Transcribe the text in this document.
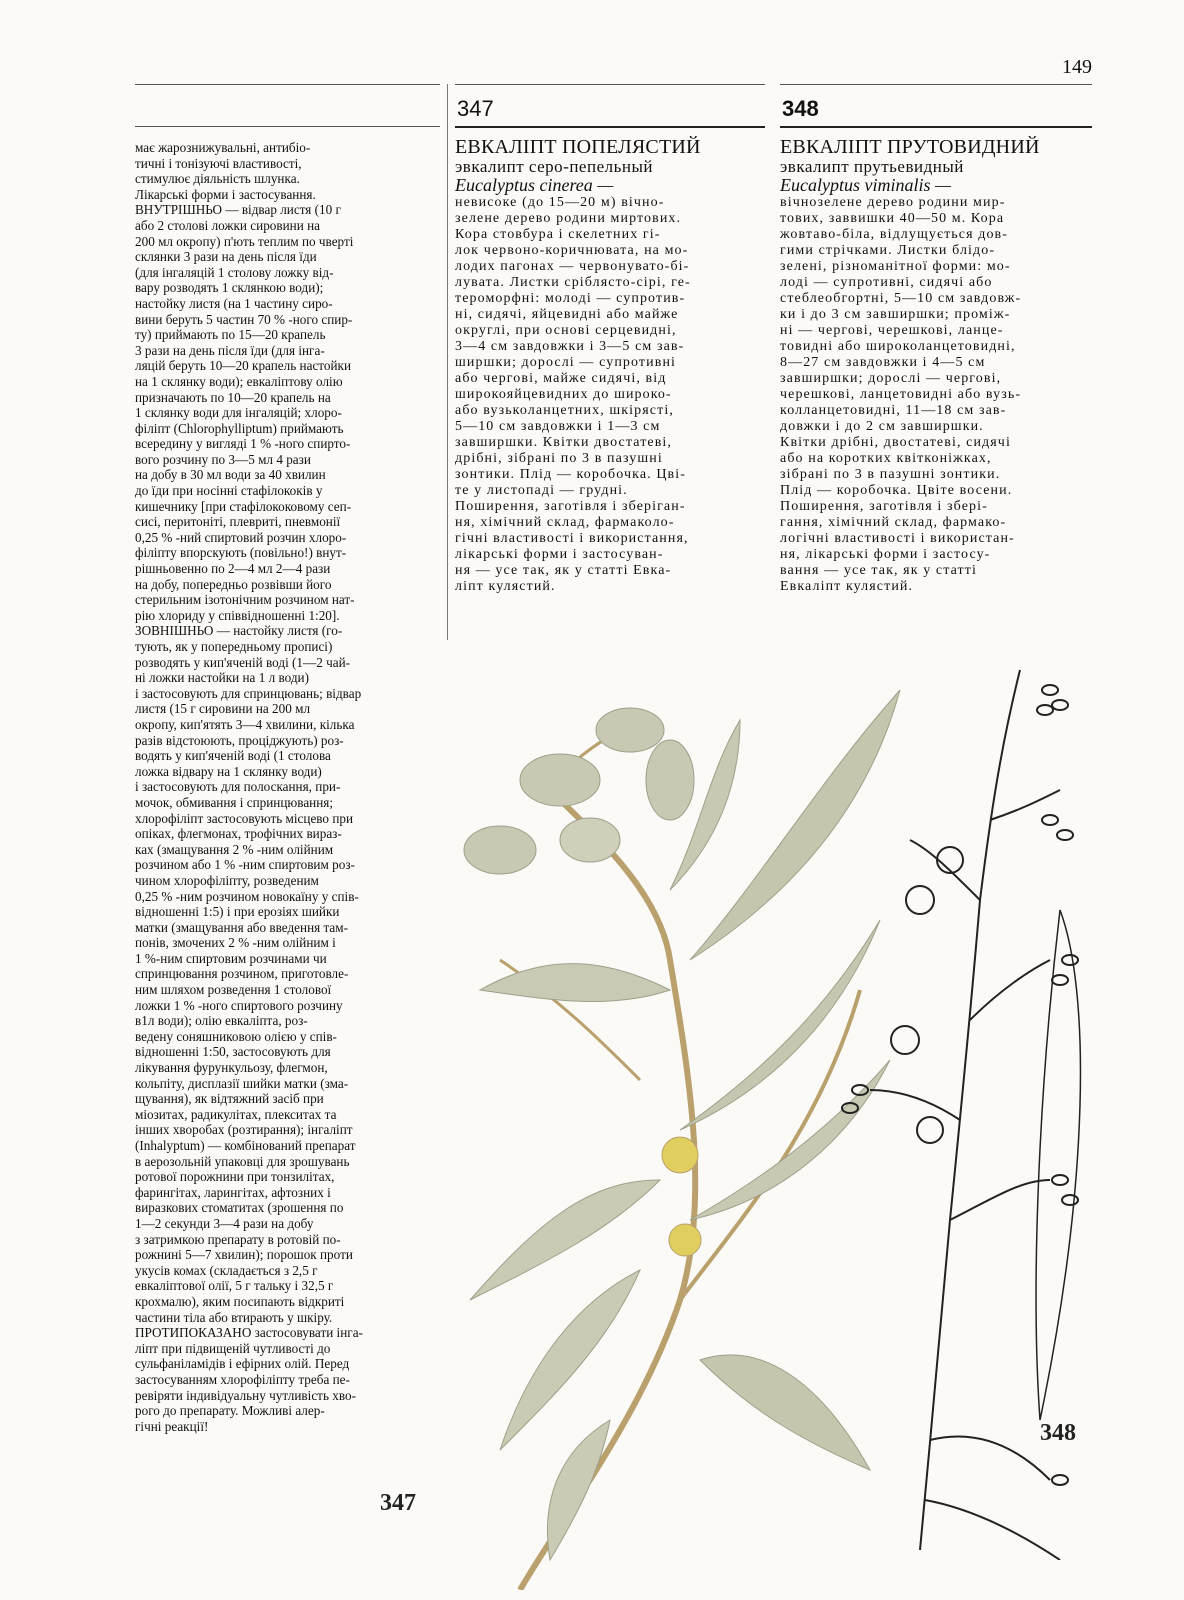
149
347	348

має жарознижувальні, антибіо-

тичні і тонізуючі властивості,

стимулює діяльність шлунка.

Лікарські форми і застосування.

ВНУТРІШНЬО — відвар листя (10 г

або 2 столові ложки сировини на

200 мл окропу) п'ють теплим по чверті

склянки 3 рази на день після їди

(для інгаляцій 1 столову ложку від-

вару розводять 1 склянкою води);

настойку листя (на 1 частину сиро-

вини беруть 5 частин 70 % -ного спир-

ту) приймають по 15—20 крапель

3 рази на день після їди (для інга-

ляцій беруть 10—20 крапель настойки

на 1 склянку води); евкаліптову олію

призначають по 10—20 крапель на

1 склянку води для інгаляцій; хлоро-

філіпт (Chlorophylliptum) приймають

всередину у вигляді 1 % -ного спирто-

вого розчину по 3—5 мл 4 рази

на добу в 30 мл води за 40 хвилин

до їди при носінні стафілококів у

кишечнику [при стафілококовому сеп-

сисі, перитоніті, плевриті, пневмонії

0,25 % -ний спиртовий розчин хлоро-

філіпту впорскують (повільно!) внут-

рішньовенно по 2—4 мл 2—4 рази

на добу, попередньо розвівши його

стерильним ізотонічним розчином нат-

рію хлориду у співвідношенні 1:20].

ЗОВНІШНЬО — настойку листя (го-

тують, як у попередньому прописі)

розводять у кип'яченій воді (1—2 чай-

ні ложки настойки на 1 л води)

і застосовують для спринцювань; відвар

листя (15 г сировини на 200 мл

окропу, кип'ятять 3—4 хвилини, кілька

разів відстоюють, проціджують) роз-

водять у кип'яченій воді (1 столова

ложка відвару на 1 склянку води)

і застосовують для полоскання, при-

мочок, обмивання і спринцювання;

хлорофіліпт застосовують місцево при

опіках, флегмонах, трофічних вираз-

ках (змащування 2 % -ним олійним

розчином або 1 % -ним спиртовим роз-

чином хлорофіліпту, розведеним

0,25 % -ним розчином новокаїну у спів-

відношенні 1:5) і при ерозіях шийки

матки (змащування або введення там-

понів, змочених 2 % -ним олійним і

1 %-ним спиртовим розчинами чи

спринцювання розчином, приготовле-

ним шляхом розведення 1 столової

ложки 1 % -ного спиртового розчину

в1л води); олію евкаліпта, роз-

ведену соняшниковою олією у спів-

відношенні 1:50, застосовують для

лікування фурункульозу, флегмон,

кольпіту, дисплазії шийки матки (зма-

щування), як відтяжний засіб при

міозитах, радикулітах, плекситах та

інших хворобах (розтирання); інгаліпт

(Inhalyptum) — комбінований препарат

в аерозольній упаковці для зрошувань

ротової порожнини при тонзилітах,

фарингітах, ларингітах, афтозних і

виразкових стоматитах (зрошення по

1—2 секунди 3—4 рази на добу

з затримкою препарату в ротовій по-

рожнині 5—7 хвилин); порошок проти

укусів комах (складається з 2,5 г

евкаліптової олії, 5 г тальку і 32,5 г

крохмалю), яким посипають відкриті

частини тіла або втирають у шкіру.

ПРОТИПОКАЗАНО застосовувати інга-

ліпт при підвищеній чутливості до

сульфаніламідів і ефірних олій. Перед

застосуванням хлорофіліпту треба пе-

ревіряти індивідуальну чутливість хво-

рого до препарату. Можливі алер-

гічні реакції!

ЕВКАЛІПТ ПОПЕЛЯСТИЙ
эвкалипт серо-пепельный
Eucalyptus cinerea —

невисоке (до 15—20 м) вічно-

зелене дерево родини миртових.

Кора стовбура і скелетних гі-

лок червоно-коричнювата, на мо-

лодих пагонах — червонувато-бі-

лувата. Листки сріблясто-сірі, ге-

тероморфні: молоді — супротив-

ні, сидячі, яйцевидні або майже

округлі, при основі серцевидні,

3—4 см завдовжки і 3—5 см зав-

ширшки; дорослі — супротивні

або чергові, майже сидячі, від

широкояйцевидних до широко-

або вузьколанцетних, шкірясті,

5—10 см завдовжки і 1—3 см

завширшки. Квітки двостатеві,

дрібні, зібрані по 3 в пазушні

зонтики. Плід — коробочка. Цві-

те у листопаді — грудні.

Поширення, заготівля і зберіган-

ня, хімічний склад, фармаколо-

гічні властивості і використання,

лікарські форми і застосуван-

ня — усе так, як у статті Евка-

ліпт кулястий.

ЕВКАЛІПТ ПРУТОВИДНИЙ
эвкалипт прутьевидный
Eucalyptus viminalis —

вічнозелене дерево родини мир-

тових, заввишки 40—50 м. Кора

жовтаво-біла, відлущується дов-

гими стрічками. Листки блідо-

зелені, різноманітної форми: мо-

лоді — супротивні, сидячі або

стеблеобгортні, 5—10 см завдовж-

ки і до 3 см завширшки; проміж-

ні — чергові, черешкові, ланце-

товидні або широколанцетовидні,

8—27 см завдовжки і 4—5 см

завширшки; дорослі — чергові,

черешкові, ланцетовидні або вузь-

колланцетовидні, 11—18 см зав-

довжки і до 2 см завширшки.

Квітки дрібні, двостатеві, сидячі

або на коротких квітконіжках,

зібрані по 3 в пазушні зонтики.

Плід — коробочка. Цвіте восени.

Поширення, заготівля і збері-

гання, хімічний склад, фармако-

логічні властивості і використан-

ня, лікарські форми і застосу-

вання — усе так, як у статті

Евкаліпт кулястий.

347
348
